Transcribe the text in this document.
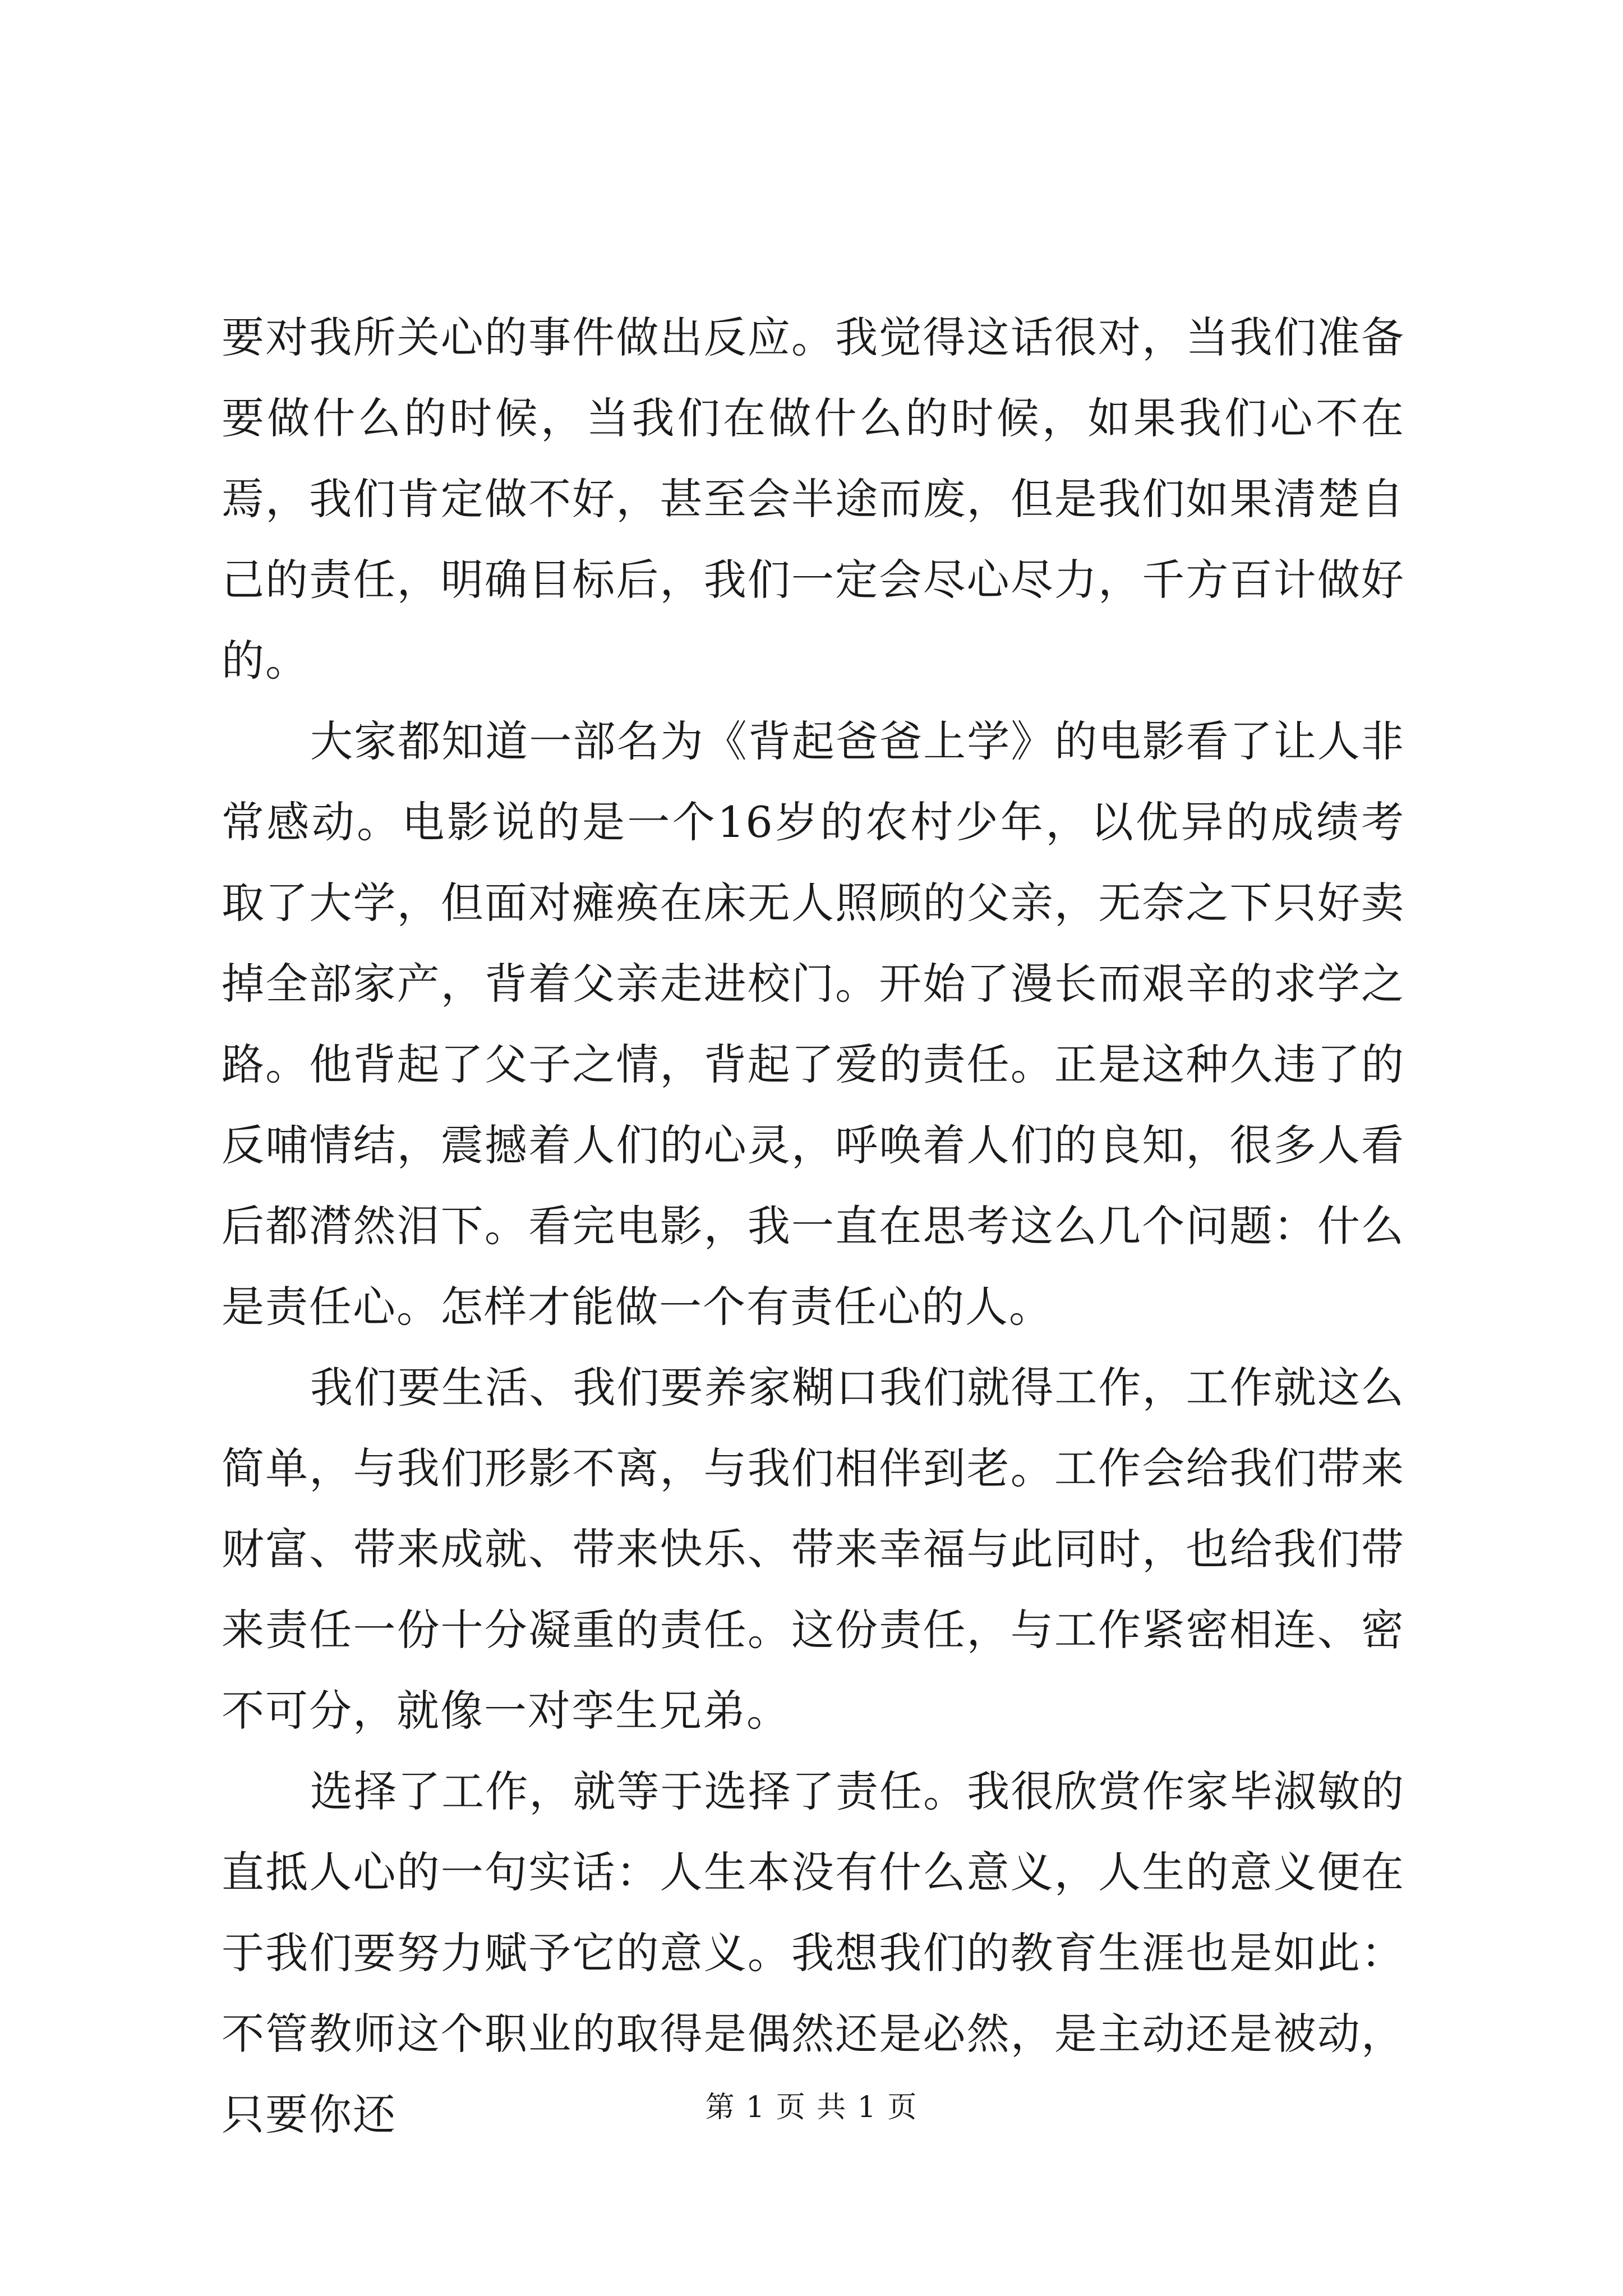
要对我所关心的事件做出反应。我觉得这话很对，当我们准备要做什么的时候，当我们在做什么的时候，如果我们心不在焉，我们肯定做不好，甚至会半途而废，但是我们如果清楚自己的责任，明确目标后，我们一定会尽心尽力，千方百计做好的。

大家都知道一部名为《背起爸爸上学》的电影看了让人非常感动。电影说的是一个16岁的农村少年，以优异的成绩考取了大学，但面对瘫痪在床无人照顾的父亲，无奈之下只好卖掉全部家产，背着父亲走进校门。开始了漫长而艰辛的求学之路。他背起了父子之情，背起了爱的责任。正是这种久违了的反哺情结，震撼着人们的心灵，呼唤着人们的良知，很多人看后都潸然泪下。看完电影，我一直在思考这么几个问题：什么是责任心。怎样才能做一个有责任心的人。

我们要生活、我们要养家糊口我们就得工作，工作就这么简单，与我们形影不离，与我们相伴到老。工作会给我们带来财富、带来成就、带来快乐、带来幸福与此同时，也给我们带来责任一份十分凝重的责任。这份责任，与工作紧密相连、密不可分，就像一对孪生兄弟。

选择了工作，就等于选择了责任。我很欣赏作家毕淑敏的直抵人心的一句实话：人生本没有什么意义，人生的意义便在于我们要努力赋予它的意义。我想我们的教育生涯也是如此：不管教师这个职业的取得是偶然还是必然，是主动还是被动，只要你还	第 1 页 共 1 页
